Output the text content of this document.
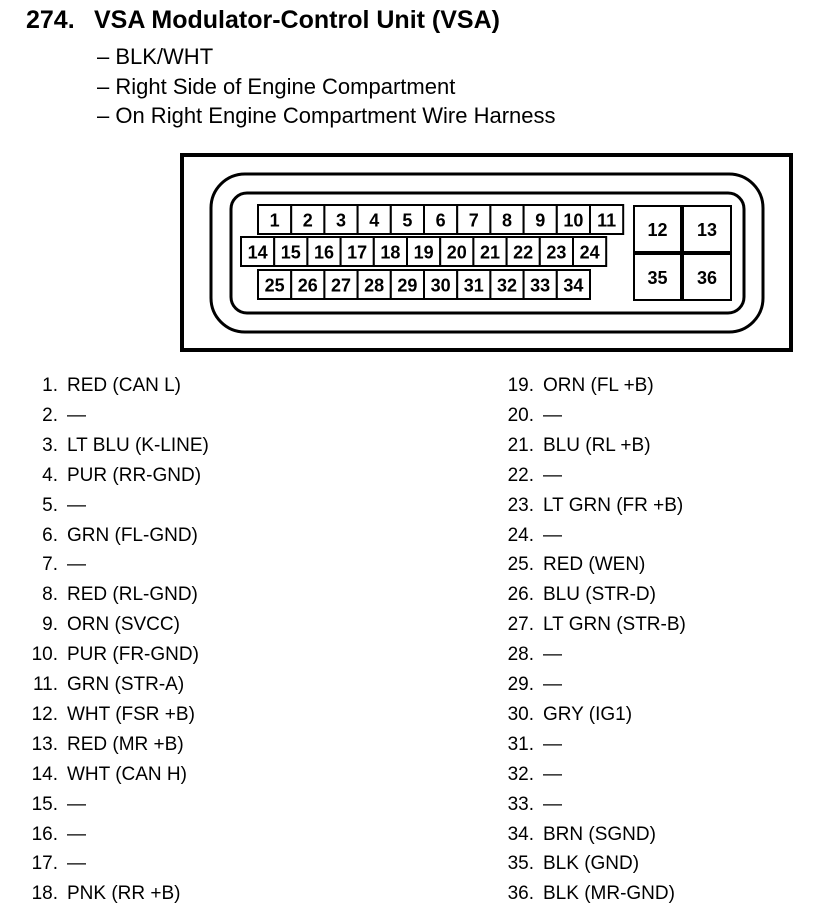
274. VSA Modulator-Control Unit (VSA)
– BLK/WHT
– Right Side of Engine Compartment
– On Right Engine Compartment Wire Harness
1 2 3 4 5 6 7 8 9 10 11
14 15 16 17 18 19 20 21 22 23 24
25 26 27 28 29 30 31 32 33 34
12 13
35 36
1. RED (CAN L)
2. —
3. LT BLU (K-LINE)
4. PUR (RR-GND)
5. —
6. GRN (FL-GND)
7. —
8. RED (RL-GND)
9. ORN (SVCC)
10. PUR (FR-GND)
11. GRN (STR-A)
12. WHT (FSR +B)
13. RED (MR +B)
14. WHT (CAN H)
15. —
16. —
17. —
18. PNK (RR +B)
19. ORN (FL +B)
20. —
21. BLU (RL +B)
22. —
23. LT GRN (FR +B)
24. —
25. RED (WEN)
26. BLU (STR-D)
27. LT GRN (STR-B)
28. —
29. —
30. GRY (IG1)
31. —
32. —
33. —
34. BRN (SGND)
35. BLK (GND)
36. BLK (MR-GND)
